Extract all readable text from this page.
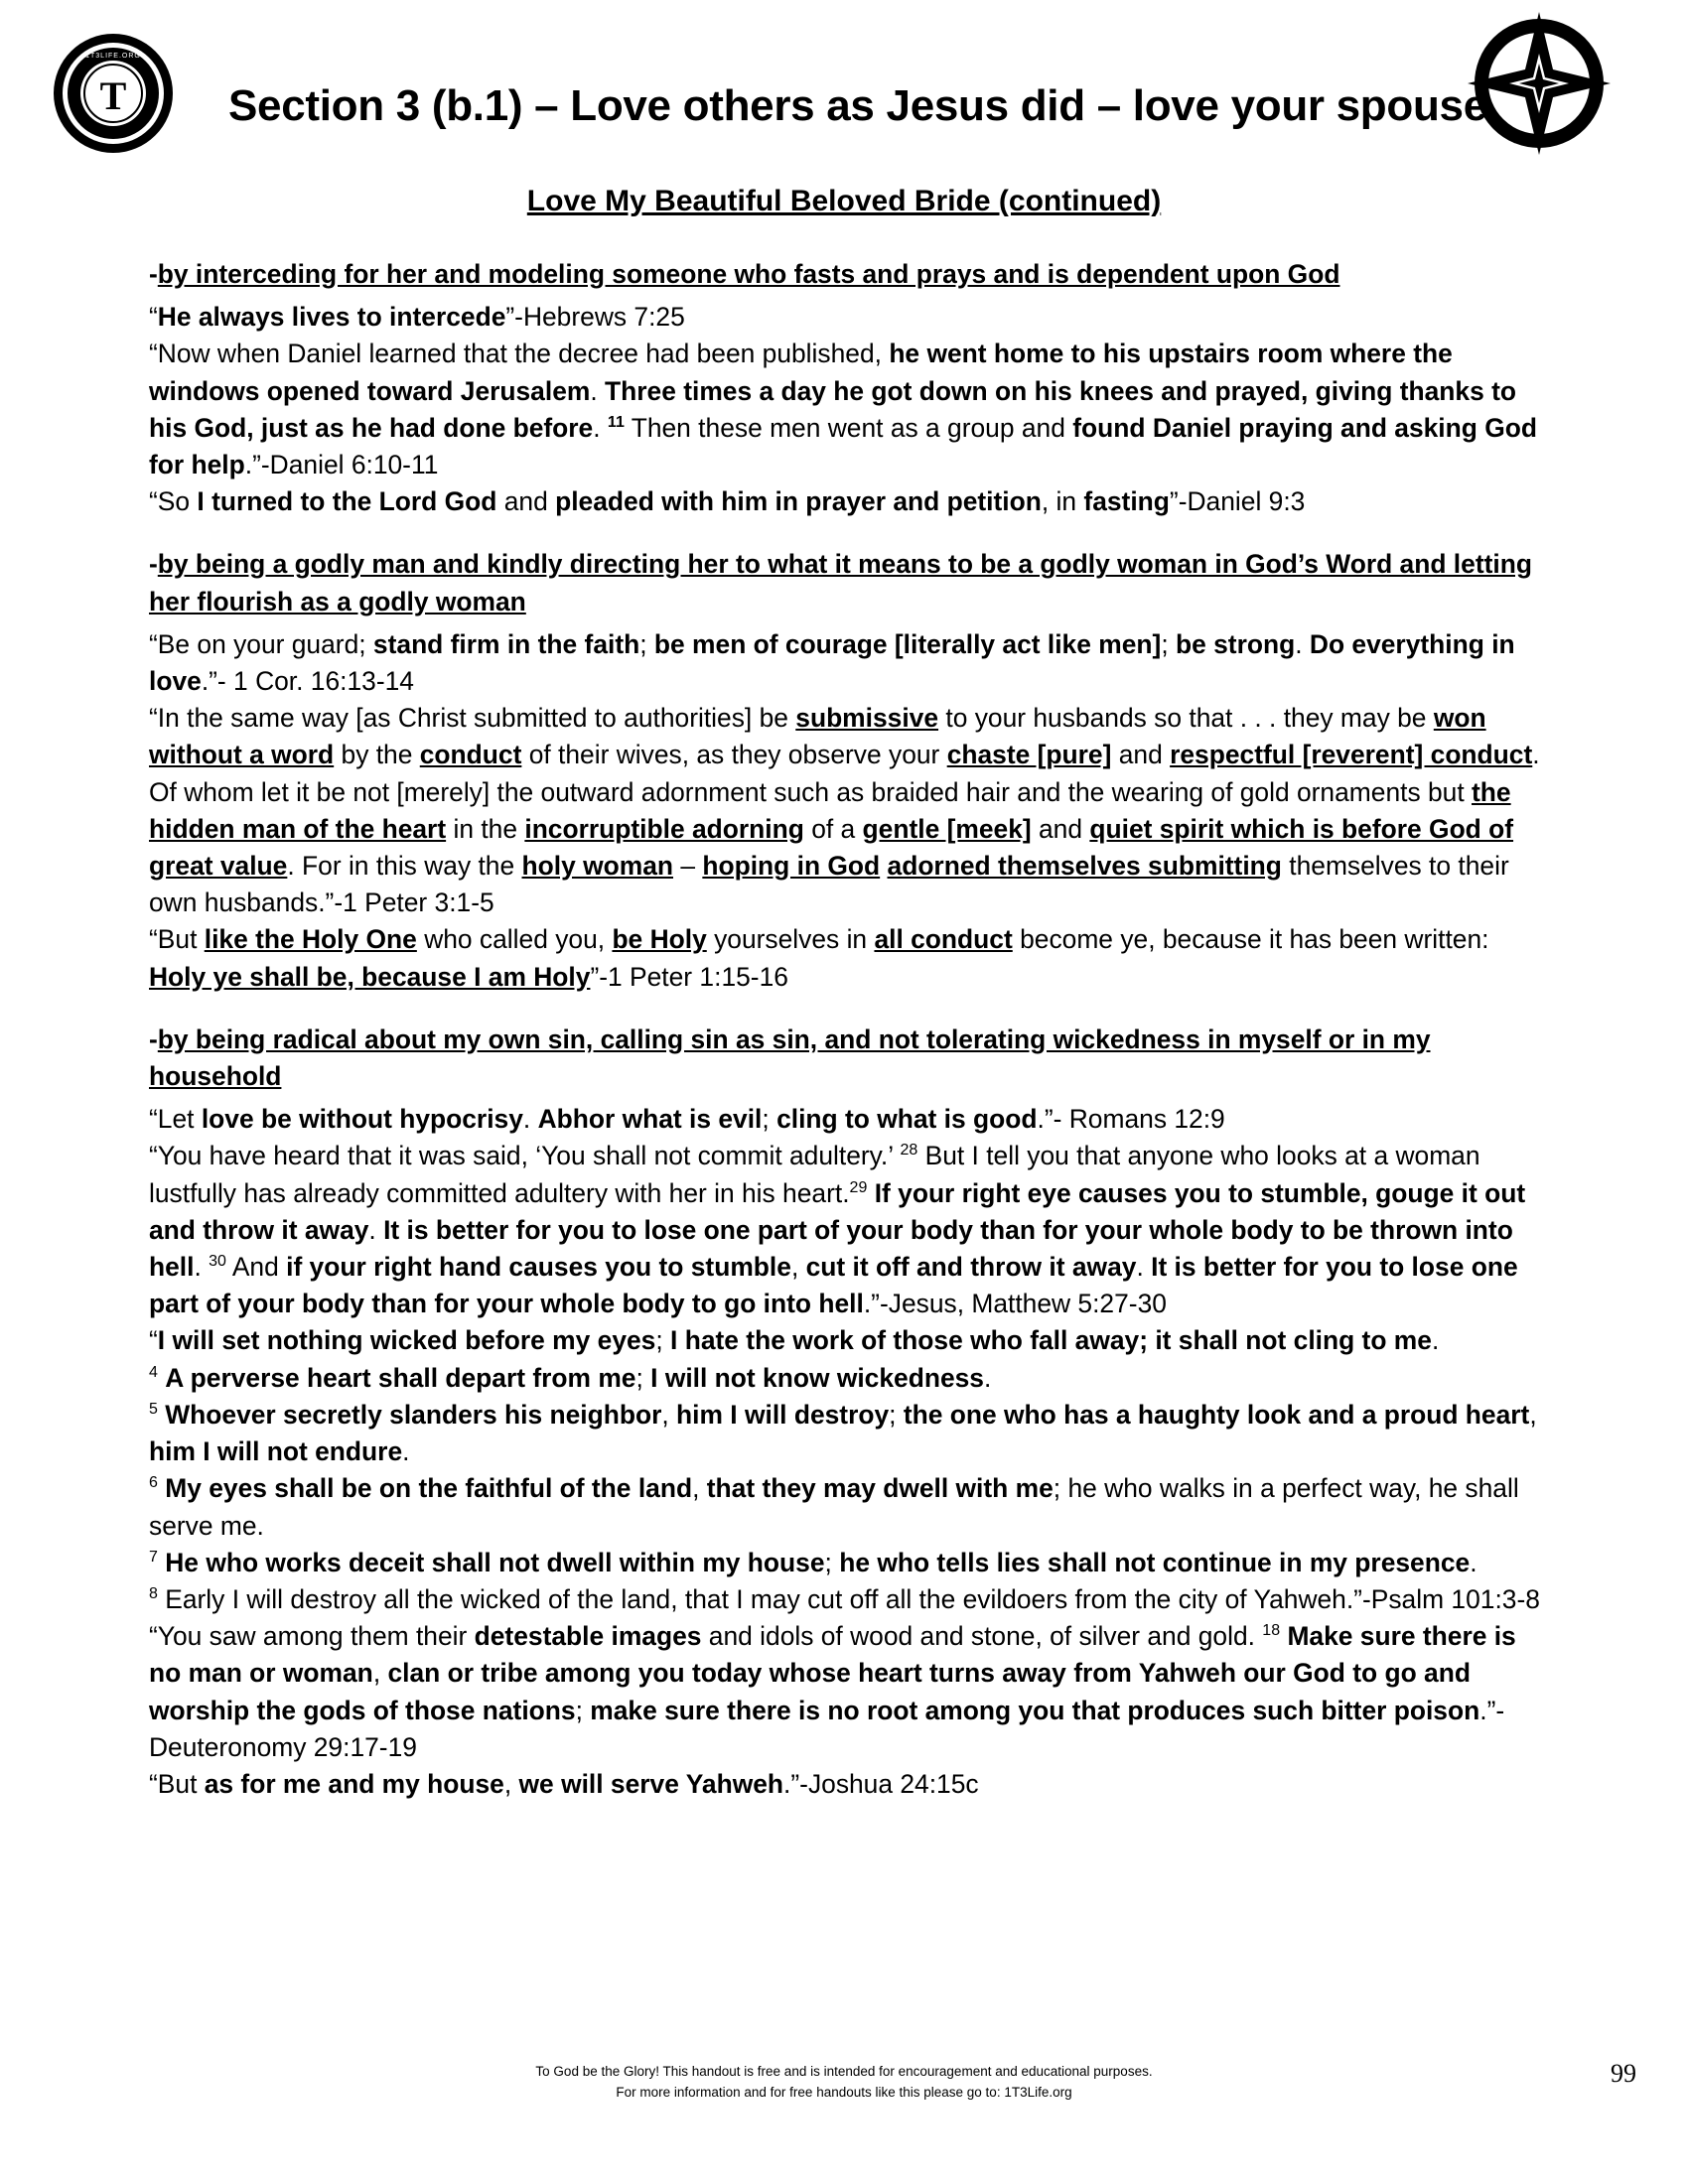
T
1T3LIFE.ORG
Section 3 (b.1) – Love others as Jesus did – love your spouse
Love My Beautiful Beloved Bride (continued)
-by interceding for her and modeling someone who fasts and prays and is dependent upon God

“He always lives to intercede”-Hebrews 7:25

“Now when Daniel learned that the decree had been published, he went home to his upstairs room where the windows opened toward Jerusalem. Three times a day he got down on his knees and prayed, giving thanks to his God, just as he had done before. $^{11}$ Then these men went as a group and found Daniel praying and asking God for help.”-Daniel 6:10-11

“So I turned to the Lord God and pleaded with him in prayer and petition, in fasting”-Daniel 9:3

-by being a godly man and kindly directing her to what it means to be a godly woman in God’s Word and letting her flourish as a godly woman

“Be on your guard; stand firm in the faith; be men of courage [literally act like men]; be strong. Do everything in love.”- 1 Cor. 16:13-14

“In the same way [as Christ submitted to authorities] be submissive to your husbands so that . . . they may be won without a word by the conduct of their wives, as they observe your chaste [pure] and respectful [reverent] conduct. Of whom let it be not [merely] the outward adornment such as braided hair and the wearing of gold ornaments but the hidden man of the heart in the incorruptible adorning of a gentle [meek] and quiet spirit which is before God of great value. For in this way the holy woman – hoping in God adorned themselves submitting themselves to their own husbands.”-1 Peter 3:1-5

“But like the Holy One who called you, be Holy yourselves in all conduct become ye, because it has been written: Holy ye shall be, because I am Holy”-1 Peter 1:15-16

-by being radical about my own sin, calling sin as sin, and not tolerating wickedness in myself or in my household

“Let love be without hypocrisy. Abhor what is evil; cling to what is good.”- Romans 12:9

“You have heard that it was said, ‘You shall not commit adultery.’ $^{28}$ But I tell you that anyone who looks at a woman lustfully has already committed adultery with her in his heart.$^{29}$ If your right eye causes you to stumble, gouge it out and throw it away. It is better for you to lose one part of your body than for your whole body to be thrown into hell. $^{30}$ And if your right hand causes you to stumble, cut it off and throw it away. It is better for you to lose one part of your body than for your whole body to go into hell.”-Jesus, Matthew 5:27-30

“I will set nothing wicked before my eyes; I hate the work of those who fall away; it shall not cling to me.

$^4$ A perverse heart shall depart from me; I will not know wickedness.

$^5$ Whoever secretly slanders his neighbor, him I will destroy; the one who has a haughty look and a proud heart, him I will not endure.

$^6$ My eyes shall be on the faithful of the land, that they may dwell with me; he who walks in a perfect way, he shall serve me.

$^7$ He who works deceit shall not dwell within my house; he who tells lies shall not continue in my presence.

$^8$ Early I will destroy all the wicked of the land, that I may cut off all the evildoers from the city of Yahweh.”-Psalm 101:3-8

“You saw among them their detestable images and idols of wood and stone, of silver and gold. $^{18}$ Make sure there is no man or woman, clan or tribe among you today whose heart turns away from Yahweh our God to go and worship the gods of those nations; make sure there is no root among you that produces such bitter poison.”-Deuteronomy 29:17-19

“But as for me and my house, we will serve Yahweh.”-Joshua 24:15c

To God be the Glory! This handout is free and is intended for encouragement and educational purposes.
For more information and for free handouts like this please go to: 1T3Life.org
99
